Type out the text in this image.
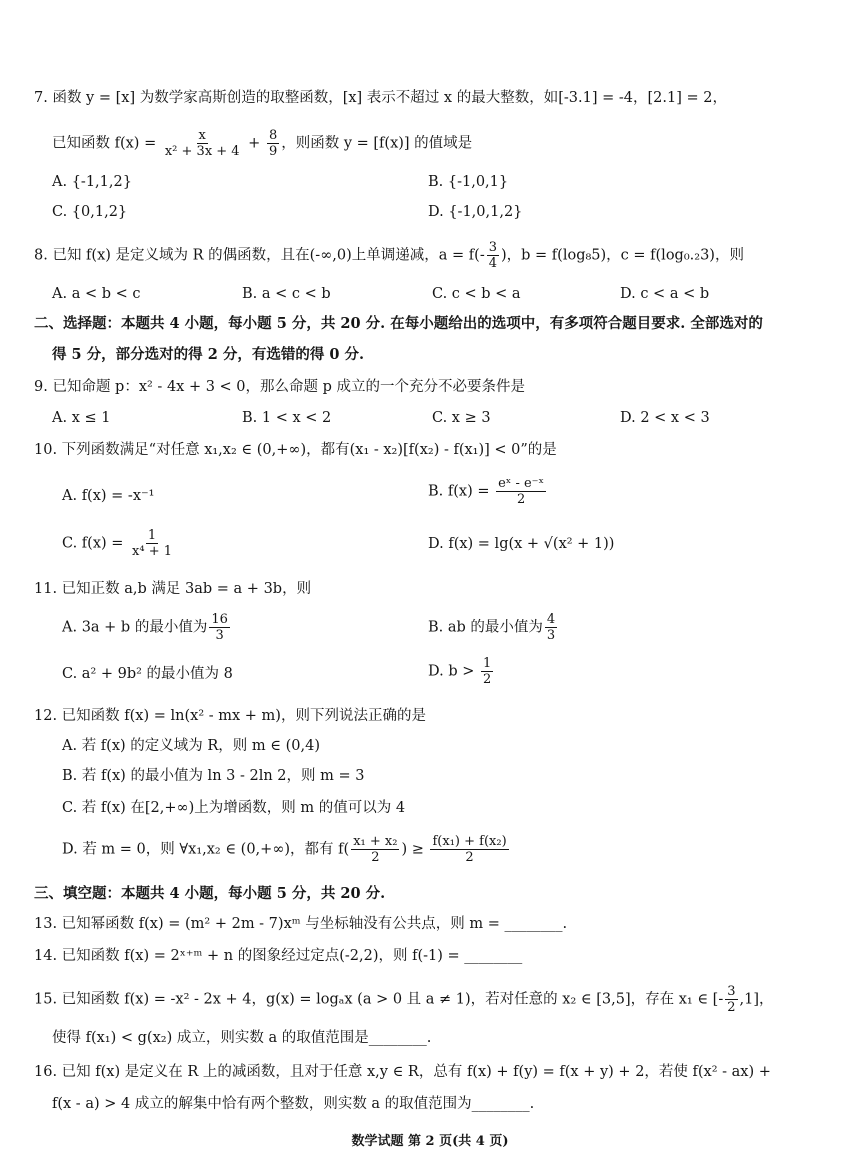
7. 函数 y = [x] 为数学家高斯创造的取整函数，[x] 表示不超过 x 的最大整数，如[-3.1] = -4，[2.1] = 2，
已知函数 $f(x) = \frac{x}{\text{x² + 3x + 4}} + \frac{8}{9}$ ，则函数 y = [f(x)] 的值域是
A. {-1,1,2}	B. {-1,0,1}
C. {0,1,2}	D. {-1,0,1,2}
8. 已知 f(x) 是定义域为 R 的偶函数，且在(-∞,0)上单调递减，$a = f(- \frac{3}{4}$ )，b = f(log₈5)，c = f(log₀.₂3)，则
A. a < b < c	B. a < c < b	C. c < b < a	D. c < a < b
二、选择题：本题共 4 小题，每小题 5 分，共 20 分. 在每小题给出的选项中，有多项符合题目要求. 全部选对的
得 5 分，部分选对的得 2 分，有选错的得 0 分.
9. 已知命题 p：x² - 4x + 3 < 0，那么命题 p 成立的一个充分不必要条件是
A. x ≤ 1	B. 1 < x < 2	C. x ≥ 3	D. 2 < x < 3
10. 下列函数满足“对任意 x₁,x₂ ∈ (0,+∞)，都有(x₁ - x₂)[f(x₂) - f(x₁)] < 0”的是
A. f(x) = -x⁻¹	B. $f(x) = \frac{\text{eˣ - e⁻ˣ}}{2}$
C. $f(x) = \frac{1}{\text{x⁴ + 1}}$	D. f(x) = lg(x + √(x² + 1))
11. 已知正数 a,b 满足 3ab = a + 3b，则
A. 3a + b 的最小值为 $\frac{16}{3}$	B. ab 的最小值为 $\frac{4}{3}$
C. a² + 9b² 的最小值为 8	D. $b > \frac{1}{2}$
12. 已知函数 f(x) = ln(x² - mx + m)，则下列说法正确的是
A. 若 f(x) 的定义域为 R，则 m ∈ (0,4)
B. 若 f(x) 的最小值为 ln 3 - 2ln 2，则 m = 3
C. 若 f(x) 在[2,+∞)上为增函数，则 m 的值可以为 4
D. 若 m = 0，则 ∀x₁,x₂ ∈ (0,+∞)，都有 $f( \frac{\text{x₁ + x₂}}{2}$ ) ≥ $\frac{\text{f(x₁) + f(x₂)}}{2}$
三、填空题：本题共 4 小题，每小题 5 分，共 20 分.
13. 已知幂函数 f(x) = (m² + 2m - 7)xᵐ 与坐标轴没有公共点，则 m = ________.
14. 已知函数 f(x) = 2ˣ⁺ᵐ + n 的图象经过定点(-2,2)，则 f(-1) = ________
15. 已知函数 f(x) = -x² - 2x + 4，g(x) = logₐx (a > 0 且 a ≠ 1)，若对任意的 x₂ ∈ [3,5]，存在 x₁ ∈ [- $\frac{3}{2} ,1$]，
使得 f(x₁) < g(x₂) 成立，则实数 a 的取值范围是________.
16. 已知 f(x) 是定义在 R 上的减函数，且对于任意 x,y ∈ R，总有 f(x) + f(y) = f(x + y) + 2，若使 f(x² - ax) +
f(x - a) > 4 成立的解集中恰有两个整数，则实数 a 的取值范围为________.
数学试题 第 2 页(共 4 页)
